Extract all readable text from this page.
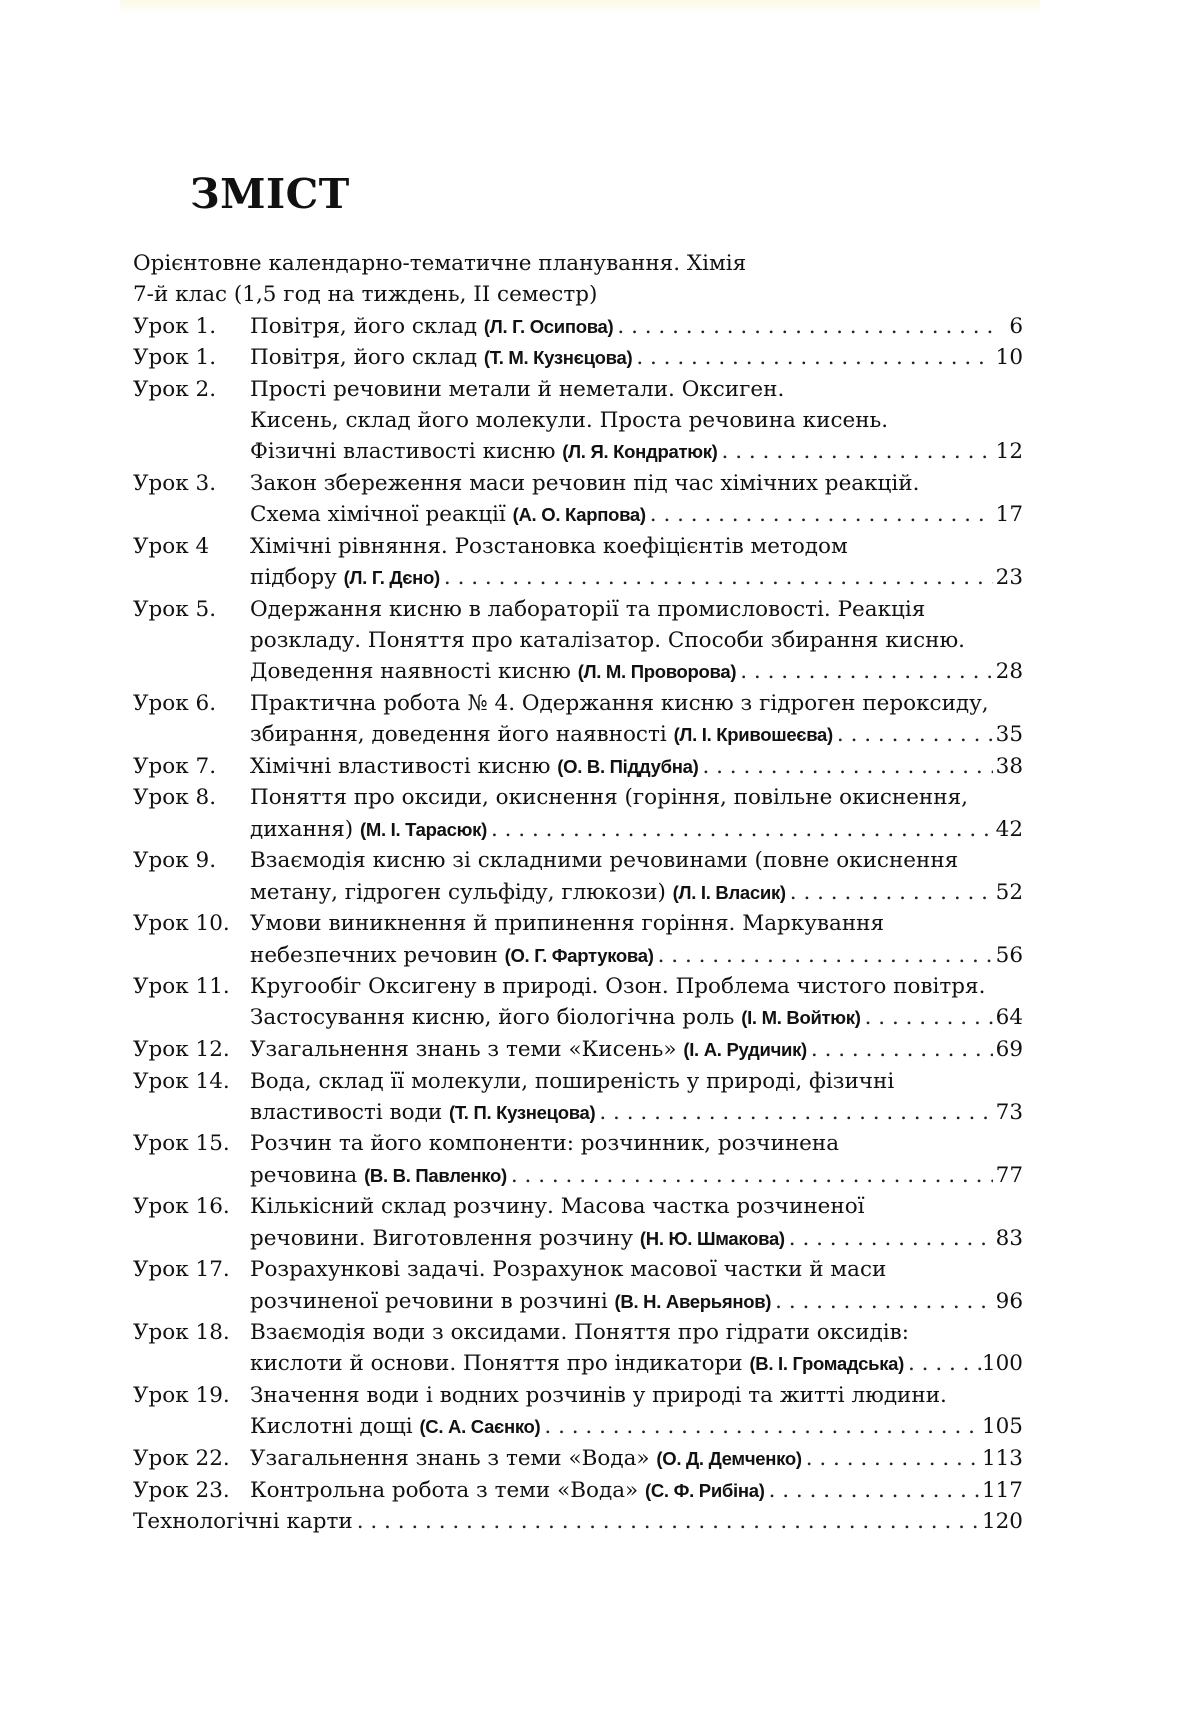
ЗМІСТ
Орієнтовне календарно-тематичне планування. Хімія
7-й клас (1,5 год на тиждень, ІІ семестр)
Урок 1.	Повітря, його склад (Л. Г. Осипова) . . .	6
Урок 1.	Повітря, його склад (Т. М. Кузнєцова) . . .	10
Урок 2.	Прості речовини метали й неметали. Оксиген.
Кисень, склад його молекули. Проста речовина кисень.
Фізичні властивості кисню (Л. Я. Кондратюк) . . .	12
Урок 3.	Закон збереження маси речовин під час хімічних реакцій.
Схема хімічної реакції (А. О. Карпова) . . .	17
Урок 4	Хімічні рівняння. Розстановка коефіцієнтів методом
підбору (Л. Г. Дєно) . . .	23
Урок 5.	Одержання кисню в лабораторії та промисловості. Реакція
розкладу. Поняття про каталізатор. Способи збирання кисню.
Доведення наявності кисню (Л. М. Проворова) . . .	28
Урок 6.	Практична робота № 4. Одержання кисню з гідроген пероксиду,
збирання, доведення його наявності (Л. І. Кривошеєва) . . .	35
Урок 7.	Хімічні властивості кисню (О. В. Піддубна) . . .	38
Урок 8.	Поняття про оксиди, окиснення (горіння, повільне окиснення,
дихання) (М. І. Тарасюк) . . .	42
Урок 9.	Взаємодія кисню зі складними речовинами (повне окиснення
метану, гідроген сульфіду, глюкози) (Л. І. Власик) . . .	52
Урок 10. Умови виникнення й припинення горіння. Маркування
небезпечних речовин (О. Г. Фартукова) . . .	56
Урок 11. Кругообіг Оксигену в природі. Озон. Проблема чистого повітря.
Застосування кисню, його біологічна роль (І. М. Войтюк) . . .	64
Урок 12. Узагальнення знань з теми «Кисень» (І. А. Рудичик) . . .	69
Урок 14. Вода, склад її молекули, поширеність у природі, фізичні
властивості води (Т. П. Кузнецова) . . .	73
Урок 15. Розчин та його компоненти: розчинник, розчинена
речовина (В. В. Павленко) . . .	77
Урок 16. Кількісний склад розчину. Масова частка розчиненої
речовини. Виготовлення розчину (Н. Ю. Шмакова) . . .	83
Урок 17. Розрахункові задачі. Розрахунок масової частки й маси
розчиненої речовини в розчині (В. Н. Аверьянов) . . .	96
Урок 18. Взаємодія води з оксидами. Поняття про гідрати оксидів:
кислоти й основи. Поняття про індикатори (В. І. Громадська) . . .	100
Урок 19. Значення води і водних розчинів у природі та житті людини.
Кислотні дощі (С. А. Саєнко) . . .	105
Урок 22. Узагальнення знань з теми «Вода» (О. Д. Демченко) . . .	113
Урок 23. Контрольна робота з теми «Вода» (С. Ф. Рибіна) . . .	117
Технологічні карти . . .	120
